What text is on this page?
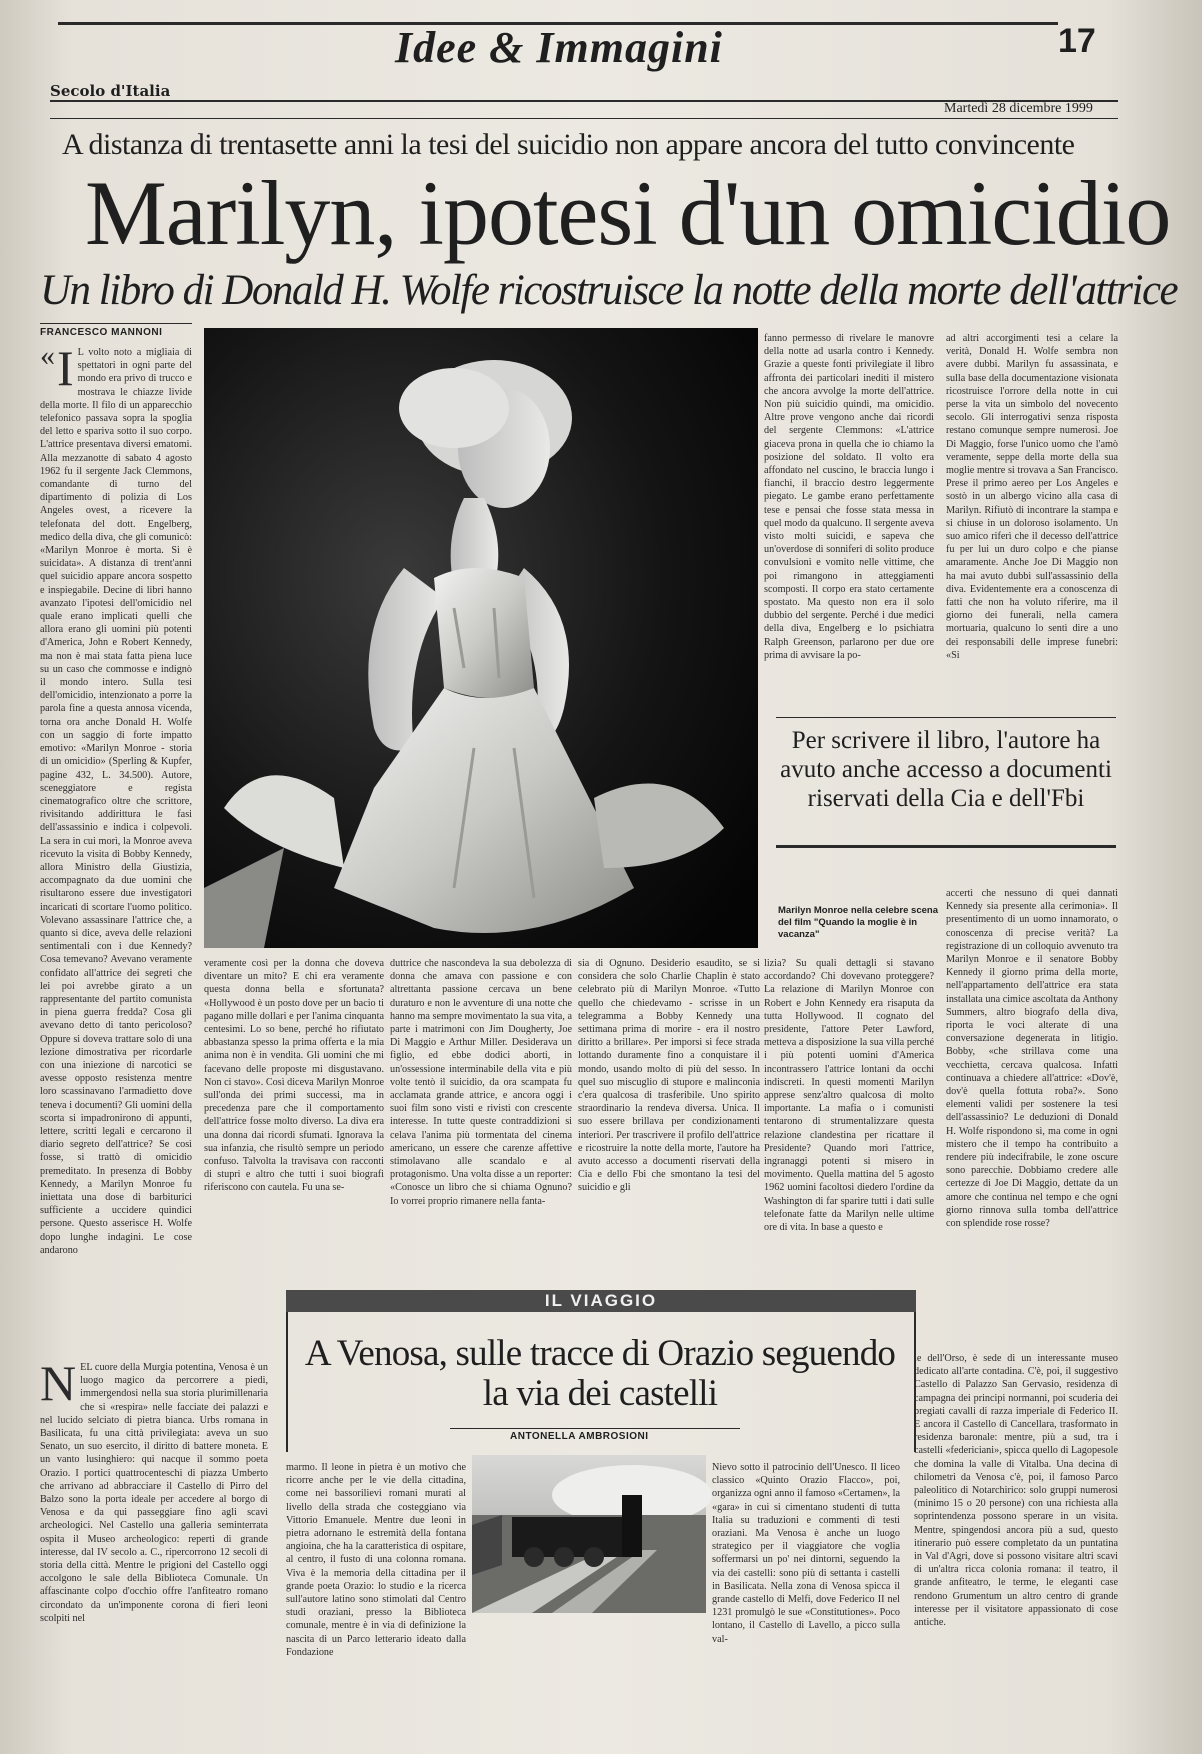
Idee & Immagini	17
Secolo d'Italia
Martedì 28 dicembre 1999
A distanza di trentasette anni la tesi del suicidio non appare ancora del tutto convincente
Marilyn, ipotesi d'un omicidio
Un libro di Donald H. Wolfe ricostruisce la notte della morte dell'attrice
FRANCESCO MANNONI
« I L volto noto a migliaia di spettatori in ogni parte del mondo era privo di trucco e mostrava le chiazze livide della morte. Il filo di un apparecchio telefonico passava sopra la spoglia del letto e spariva sotto il suo corpo. L'attrice presentava diversi ematomi. Alla mezzanotte di sabato 4 agosto 1962 fu il sergente Jack Clemmons, comandante di turno del dipartimento di polizia di Los Angeles ovest, a ricevere la telefonata del dott. Engelberg, medico della diva, che gli comunicò: «Marilyn Monroe è morta. Si è suicidata». A distanza di trent'anni quel suicidio appare ancora sospetto e inspiegabile. Decine di libri hanno avanzato l'ipotesi dell'omicidio nel quale erano implicati quelli che allora erano gli uomini più potenti d'America, John e Robert Kennedy, ma non è mai stata fatta piena luce su un caso che commosse e indignò il mondo intero. Sulla tesi dell'omicidio, intenzionato a porre la parola fine a questa annosa vicenda, torna ora anche Donald H. Wolfe con un saggio di forte impatto emotivo: «Marilyn Monroe - storia di un omicidio» (Sperling & Kupfer, pagine 432, L. 34.500). Autore, sceneggiatore e regista cinematografico oltre che scrittore, rivisitando addirittura le fasi dell'assassinio e indica i colpevoli. La sera in cui morì, la Monroe aveva ricevuto la visita di Bobby Kennedy, allora Ministro della Giustizia, accompagnato da due uomini che risultarono essere due investigatori incaricati di scortare l'uomo politico. Volevano assassinare l'attrice che, a quanto si dice, aveva delle relazioni sentimentali con i due Kennedy? Cosa temevano? Avevano veramente confidato all'attrice dei segreti che lei poi avrebbe girato a un rappresentante del partito comunista in piena guerra fredda? Cosa gli avevano detto di tanto pericoloso? Oppure si doveva trattare solo di una lezione dimostrativa per ricordarle con una iniezione di narcotici se avesse opposto resistenza mentre loro scassinavano l'armadietto dove teneva i documenti? Gli uomini della scorta si impadronirono di appunti, lettere, scritti legali e cercarono il diario segreto dell'attrice? Se così fosse, si trattò di omicidio premeditato. In presenza di Bobby Kennedy, a Marilyn Monroe fu iniettata una dose di barbiturici sufficiente a uccidere quindici persone. Questo asserisce H. Wolfe dopo lunghe indagini. Le cose andarono
fanno permesso di rivelare le manovre della notte ad usarla contro i Kennedy. Grazie a queste fonti privilegiate il libro affronta dei particolari inediti il mistero che ancora avvolge la morte dell'attrice. Non più suicidio quindi, ma omicidio. Altre prove vengono anche dai ricordi del sergente Clemmons: «L'attrice giaceva prona in quella che io chiamo la posizione del soldato. Il volto era affondato nel cuscino, le braccia lungo i fianchi, il braccio destro leggermente piegato. Le gambe erano perfettamente tese e pensai che fosse stata messa in quel modo da qualcuno. Il sergente aveva visto molti suicidi, e sapeva che un'overdose di sonniferi di solito produce convulsioni e vomito nelle vittime, che poi rimangono in atteggiamenti scomposti. Il corpo era stato certamente spostato. Ma questo non era il solo dubbio del sergente. Perché i due medici della diva, Engelberg e lo psichiatra Ralph Greenson, parlarono per due ore prima di avvisare la po-
ad altri accorgimenti tesi a celare la verità, Donald H. Wolfe sembra non avere dubbi. Marilyn fu assassinata, e sulla base della documentazione visionata ricostruisce l'orrore della notte in cui perse la vita un simbolo del novecento secolo. Gli interrogativi senza risposta restano comunque sempre numerosi. Joe Di Maggio, forse l'unico uomo che l'amò veramente, seppe della morte della sua moglie mentre si trovava a San Francisco. Prese il primo aereo per Los Angeles e sostò in un albergo vicino alla casa di Marilyn. Rifiutò di incontrare la stampa e si chiuse in un doloroso isolamento. Un suo amico riferì che il decesso dell'attrice fu per lui un duro colpo e che pianse amaramente. Anche Joe Di Maggio non ha mai avuto dubbi sull'assassinio della diva. Evidentemente era a conoscenza di fatti che non ha voluto riferire, ma il giorno dei funerali, nella camera mortuaria, qualcuno lo sentì dire a uno dei responsabili delle imprese funebri: «Si
Per scrivere il libro, l'autore ha avuto anche accesso a documenti riservati della Cia e dell'Fbi
Marilyn Monroe nella celebre scena del film "Quando la moglie è in vacanza"
veramente così per la donna che doveva diventare un mito? E chi era veramente questa donna bella e sfortunata? «Hollywood è un posto dove per un bacio ti pagano mille dollari e per l'anima cinquanta centesimi. Lo so bene, perché ho rifiutato abbastanza spesso la prima offerta e la mia anima non è in vendita. Gli uomini che mi facevano delle proposte mi disgustavano. Non ci stavo». Così diceva Marilyn Monroe sull'onda dei primi successi, ma in precedenza pare che il comportamento dell'attrice fosse molto diverso. La diva era una donna dai ricordi sfumati. Ignorava la sua infanzia, che risultò sempre un periodo confuso. Talvolta la travisava con racconti di stupri e altro che tutti i suoi biografi riferiscono con cautela. Fu una se-
duttrice che nascondeva la sua debolezza di donna che amava con passione e con altrettanta passione cercava un bene duraturo e non le avventure di una notte che hanno ma sempre movimentato la sua vita, a parte i matrimoni con Jim Dougherty, Joe Di Maggio e Arthur Miller. Desiderava un figlio, ed ebbe dodici aborti, in un'ossessione interminabile della vita e più volte tentò il suicidio, da ora scampata fu acclamata grande attrice, e ancora oggi i suoi film sono visti e rivisti con crescente interesse. In tutte queste contraddizioni si celava l'anima più tormentata del cinema americano, un essere che carenze affettive stimolavano alle scandalo e al protagonismo. Una volta disse a un reporter: «Conosce un libro che si chiama Ognuno? Io vorrei proprio rimanere nella fanta-
sia di Ognuno. Desiderio esaudito, se si considera che solo Charlie Chaplin è stato celebrato più di Marilyn Monroe. «Tutto quello che chiedevamo - scrisse in un telegramma a Bobby Kennedy una settimana prima di morire - era il nostro diritto a brillare». Per imporsi si fece strada lottando duramente fino a conquistare il mondo, usando molto di più del sesso. In quel suo miscuglio di stupore e malinconia c'era qualcosa di trasferibile. Uno spirito straordinario la rendeva diversa. Unica. Il suo essere brillava per condizionamenti interiori. Per trascrivere il profilo dell'attrice e ricostruire la notte della morte, l'autore ha avuto accesso a documenti riservati della Cia e dello Fbi che smontano la tesi del suicidio e gli
lizia? Su quali dettagli si stavano accordando? Chi dovevano proteggere? La relazione di Marilyn Monroe con Robert e John Kennedy era risaputa da tutta Hollywood. Il cognato del presidente, l'attore Peter Lawford, metteva a disposizione la sua villa perché i più potenti uomini d'America incontrassero l'attrice lontani da occhi indiscreti. In questi momenti Marilyn apprese senz'altro qualcosa di molto importante. La mafia o i comunisti tentarono di strumentalizzare questa relazione clandestina per ricattare il Presidente? Quando morì l'attrice, ingranaggi potenti si misero in movimento. Quella mattina del 5 agosto 1962 uomini facoltosi diedero l'ordine da Washington di far sparire tutti i dati sulle telefonate fatte da Marilyn nelle ultime ore di vita. In base a questo e
accertì che nessuno di quei dannati Kennedy sia presente alla cerimonia». Il presentimento di un uomo innamorato, o conoscenza di precise verità? La registrazione di un colloquio avvenuto tra Marilyn Monroe e il senatore Bobby Kennedy il giorno prima della morte, nell'appartamento dell'attrice era stata installata una cimice ascoltata da Anthony Summers, altro biografo della diva, riporta le voci alterate di una conversazione degenerata in litigio. Bobby, «che strillava come una vecchietta, cercava qualcosa. Infatti continuava a chiedere all'attrice: «Dov'è, dov'è quella fottuta roba?». Sono elementi validi per sostenere la tesi dell'assassinio? Le deduzioni di Donald H. Wolfe rispondono sì, ma come in ogni mistero che il tempo ha contribuito a rendere più indecifrabile, le zone oscure sono parecchie. Dobbiamo credere alle certezze di Joe Di Maggio, dettate da un amore che continua nel tempo e che ogni giorno rinnova sulla tomba dell'attrice con splendide rose rosse?
IL VIAGGIO
A Venosa, sulle tracce di Orazio seguendo la via dei castelli
ANTONELLA AMBROSIONI
NEL cuore della Murgia potentina, Venosa è un luogo magico da percorrere a piedi, immergendosi nella sua storia plurimillenaria che si «respira» nelle facciate dei palazzi e nel lucido selciato di pietra bianca. Urbs romana in Basilicata, fu una città privilegiata: aveva un suo Senato, un suo esercito, il diritto di battere moneta. E un vanto lusinghiero: qui nacque il sommo poeta Orazio. I portici quattrocenteschi di piazza Umberto che arrivano ad abbracciare il Castello di Pirro del Balzo sono la porta ideale per accedere al borgo di Venosa e da qui passeggiare fino agli scavi archeologici. Nel Castello una galleria seminterrata ospita il Museo archeologico: reperti di grande interesse, dal IV secolo a. C., ripercorrono 12 secoli di storia della città. Mentre le prigioni del Castello oggi accolgono le sale della Biblioteca Comunale. Un affascinante colpo d'occhio offre l'anfiteatro romano circondato da un'imponente corona di fieri leoni scolpiti nel
marmo. Il leone in pietra è un motivo che ricorre anche per le vie della cittadina, come nei bassorilievi romani murati al livello della strada che costeggiano via Vittorio Emanuele. Mentre due leoni in pietra adornano le estremità della fontana angioina, che ha la caratteristica di ospitare, al centro, il fusto di una colonna romana. Viva è la memoria della cittadina per il grande poeta Orazio: lo studio e la ricerca sull'autore latino sono stimolati dal Centro studi oraziani, presso la Biblioteca comunale, mentre è in via di definizione la nascita di un Parco letterario ideato dalla Fondazione
Nievo sotto il patrocinio dell'Unesco. Il liceo classico «Quinto Orazio Flacco», poi, organizza ogni anno il famoso «Certamen», la «gara» in cui si cimentano studenti di tutta Italia su traduzioni e commenti di testi oraziani. Ma Venosa è anche un luogo strategico per il viaggiatore che voglia soffermarsi un po' nei dintorni, seguendo la via dei castelli: sono più di settanta i castelli in Basilicata. Nella zona di Venosa spicca il grande castello di Melfi, dove Federico II nel 1231 promulgò le sue «Constitutiones». Poco lontano, il Castello di Lavello, a picco sulla val-
le dell'Orso, è sede di un interessante museo dedicato all'arte contadina. C'è, poi, il suggestivo Castello di Palazzo San Gervasio, residenza di campagna dei principi normanni, poi scuderia dei pregiati cavalli di razza imperiale di Federico II. E ancora il Castello di Cancellara, trasformato in residenza baronale: mentre, più a sud, tra i castelli «federiciani», spicca quello di Lagopesole che domina la valle di Vitalba. Una decina di chilometri da Venosa c'è, poi, il famoso Parco paleolitico di Notarchirico: solo gruppi numerosi (minimo 15 o 20 persone) con una richiesta alla soprintendenza possono sperare in un visita. Mentre, spingendosi ancora più a sud, questo itinerario può essere completato da un puntatina in Val d'Agri, dove si possono visitare altri scavi di un'altra ricca colonia romana: il teatro, il grande anfiteatro, le terme, le eleganti case rendono Grumentum un altro centro di grande interesse per il visitatore appassionato di cose antiche.
